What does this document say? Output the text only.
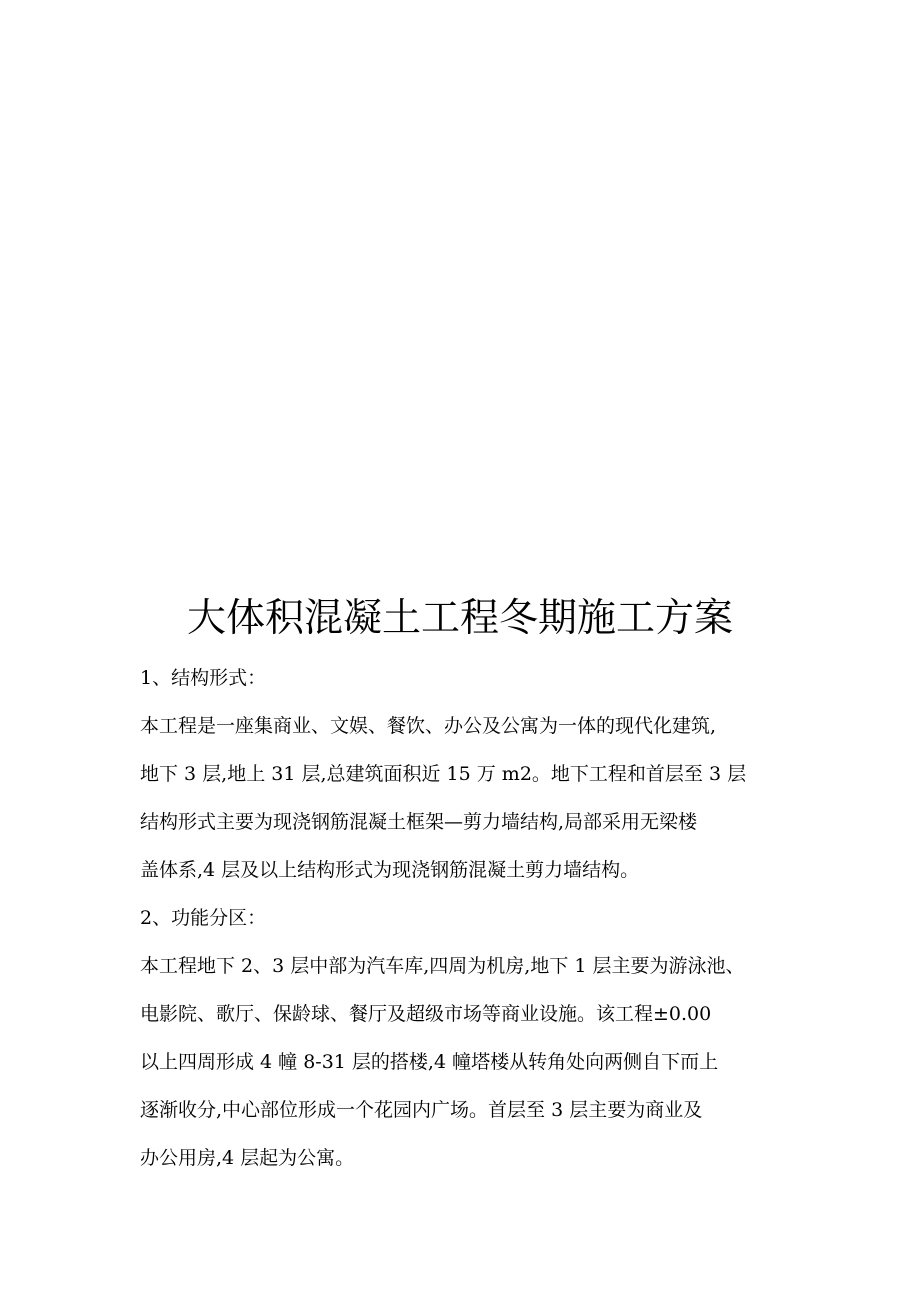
大体积混凝土工程冬期施工方案
1、结构形式：
本工程是一座集商业、文娱、餐饮、办公及公寓为一体的现代化建筑,
地下 3 层,地上 31 层,总建筑面积近 15 万 m2。地下工程和首层至 3 层
结构形式主要为现浇钢筋混凝土框架—剪力墙结构,局部采用无梁楼
盖体系,4 层及以上结构形式为现浇钢筋混凝土剪力墙结构。
2、功能分区：
本工程地下 2、3 层中部为汽车库,四周为机房,地下 1 层主要为游泳池、
电影院、歌厅、保龄球、餐厅及超级市场等商业设施。该工程±0.00
以上四周形成 4 幢 8-31 层的搭楼,4 幢塔楼从转角处向两侧自下而上
逐渐收分,中心部位形成一个花园内广场。首层至 3 层主要为商业及
办公用房,4 层起为公寓。
